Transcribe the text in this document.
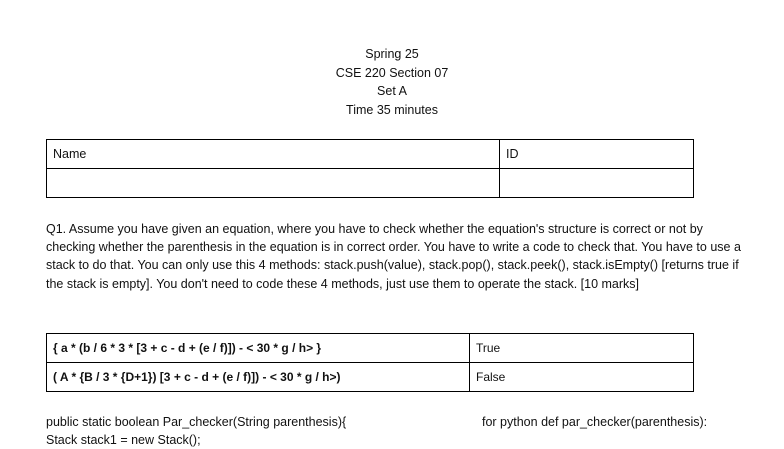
Spring 25
CSE 220 Section 07
Set A
Time 35 minutes
Name	ID

Q1. Assume you have given an equation, where you have to check whether the equation's structure is correct or not by checking whether the parenthesis in the equation is in correct order. You have to write a code to check that. You have to use a stack to do that. You can only use this 4 methods: stack.push(value), stack.pop(), stack.peek(), stack.isEmpty() [returns true if the stack is empty]. You don't need to code these 4 methods, just use them to operate the stack. [10 marks]
{ a * (b / 6 * 3 * [3 + c - d + (e / f)]) - < 30 * g / h> }	True
( A * {B / 3 * {D+1}) [3 + c - d + (e / f)]) - < 30 * g / h>)	False
public static boolean Par_checker(String parenthesis){
Stack stack1 = new Stack();
for python def par_checker(parenthesis):
